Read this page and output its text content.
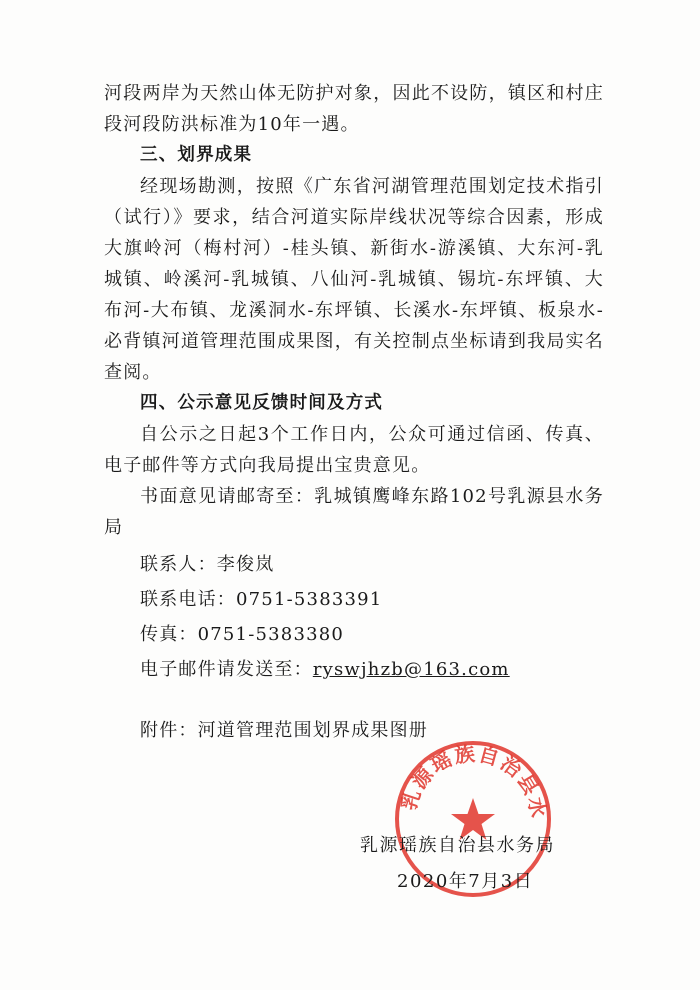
河段两岸为天然山体无防护对象，因此不设防，镇区和村庄段河段防洪标准为10年一遇。

三、划界成果

经现场勘测，按照《广东省河湖管理范围划定技术指引（试行）》要求，结合河道实际岸线状况等综合因素，形成大旗岭河（梅村河）-桂头镇、新街水-游溪镇、大东河-乳城镇、岭溪河-乳城镇、八仙河-乳城镇、锡坑-东坪镇、大布河-大布镇、龙溪洞水-东坪镇、长溪水-东坪镇、板泉水-必背镇河道管理范围成果图，有关控制点坐标请到我局实名查阅。

四、公示意见反馈时间及方式

自公示之日起3个工作日内，公众可通过信函、传真、电子邮件等方式向我局提出宝贵意见。

书面意见请邮寄至：乳城镇鹰峰东路102号乳源县水务局

联系人：李俊岚

联系电话：0751-5383391

传真：0751-5383380

电子邮件请发送至：ryswjhzb@163.com

附件：河道管理范围划界成果图册

乳源瑶族自治县水
乳源瑶族自治县水务局
2020年7月3日
